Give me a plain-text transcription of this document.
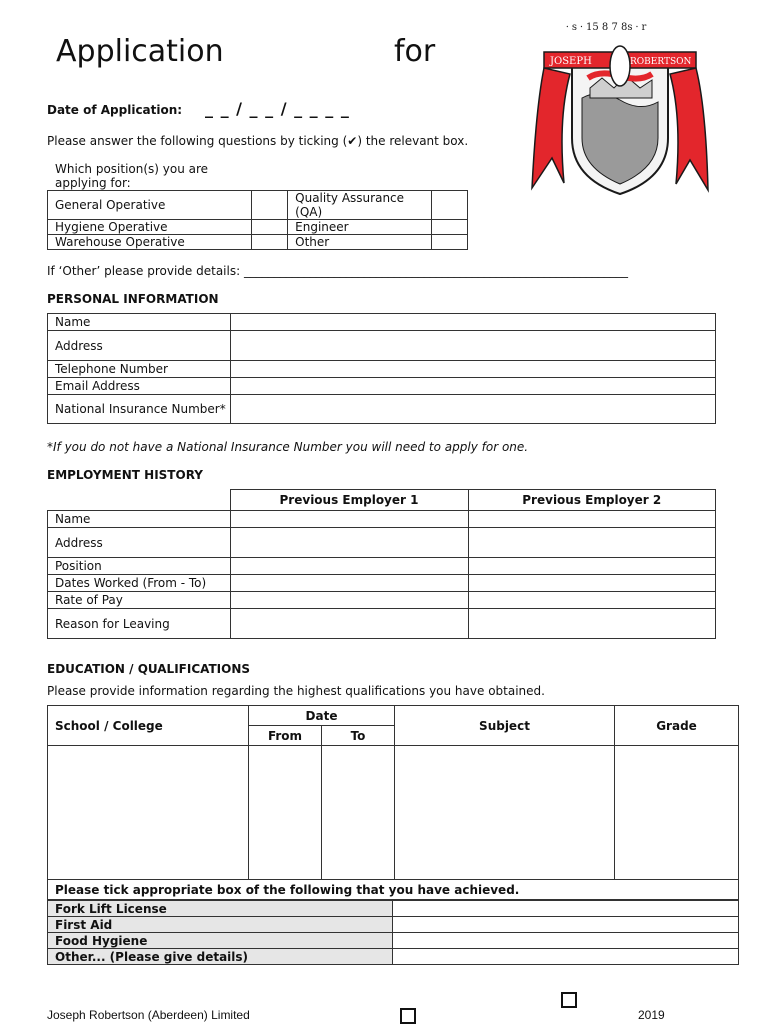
Application	for
Date of Application: _ _ / _ _ / _ _ _ _
Please answer the following questions by ticking (✔) the relevant box.
⸱ s ⸱ 15 8 7 8s ⸱ r
JOSEPH	ROBERTSON
Which position(s) you are applying for:
General Operative		Quality Assurance (QA)	
Hygiene Operative		Engineer	
Warehouse Operative		Other	
If ‘Other’ please provide details: ________________________________________________________________
PERSONAL INFORMATION
Name	
Address	
Telephone Number	
Email Address	
National Insurance Number*	
*If you do not have a National Insurance Number you will need to apply for one.
EMPLOYMENT HISTORY
	Previous Employer 1	Previous Employer 2
Name		
Address		
Position		
Dates Worked (From - To)		
Rate of Pay		
Reason for Leaving		
EDUCATION / QUALIFICATIONS
Please provide information regarding the highest qualifications you have obtained.
School / College	Date		Subject	Grade
	From	To		

Please tick appropriate box of the following that you have achieved.				
Fork Lift License	
First Aid	
Food Hygiene	
Other... (Please give details)	
Joseph Robertson (Aberdeen) Limited	2019
